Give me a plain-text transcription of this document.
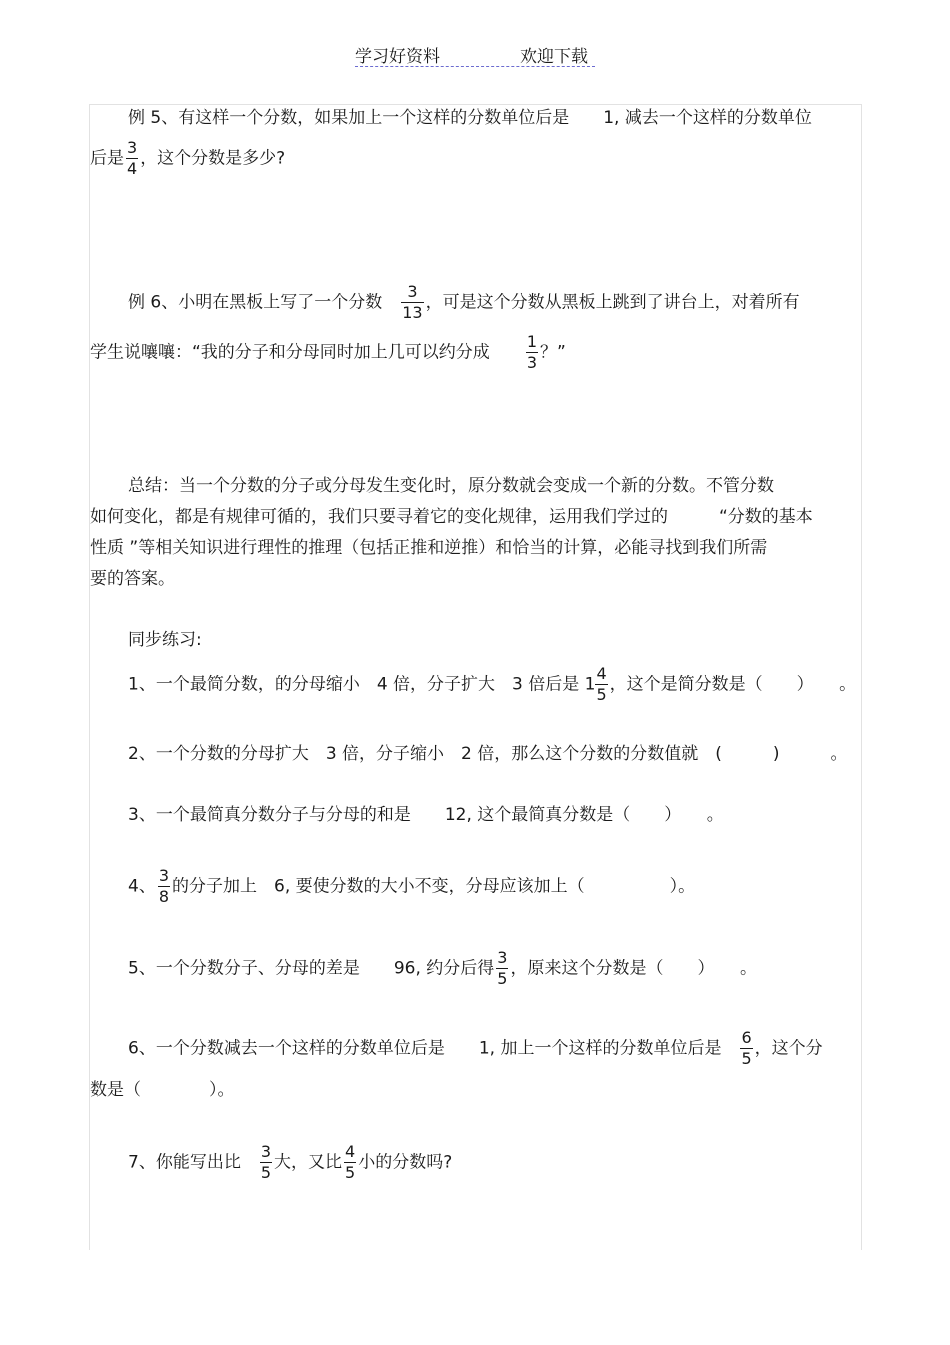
学习好资料	欢迎下载
例 5、有这样一个分数，如果加上一个这样的分数单位后是　　1, 减去一个这样的分数单位
后是 $\frac{3}{4}$ ，这个分数是多少?
例 6、小明在黑板上写了一个分数　 $\frac{3}{13}$ ，可是这个分数从黑板上跳到了讲台上，对着所有
学生说嚷嚷：“我的分子和分母同时加上几可以约分成　　 $\frac{1}{3}$ ？”
总结：当一个分数的分子或分母发生变化时，原分数就会变成一个新的分数。不管分数
如何变化，都是有规律可循的，我们只要寻着它的变化规律，运用我们学过的　　　“分数的基本
性质 ”等相关知识进行理性的推理（包括正推和逆推）和恰当的计算，必能寻找到我们所需
要的答案。
同步练习:
1、一个最简分数，的分母缩小　4 倍，分子扩大　3 倍后是 $1 \frac{4}{5}$ ，这个是简分数是（　　）　　。
2、一个分数的分母扩大　3 倍，分子缩小　2 倍，那么这个分数的分数值就　(　　　)　　　。
3、一个最简真分数分子与分母的和是　　12, 这个最简真分数是（　　）　　。
4、 $\frac{3}{8}$ 的分子加上　6, 要使分数的大小不变，分母应该加上（　　　　　）。
5、一个分数分子、分母的差是　　96, 约分后得 $\frac{3}{5}$ ，原来这个分数是（　　）　　。
6、一个分数减去一个这样的分数单位后是　　1, 加上一个这样的分数单位后是　 $\frac{6}{5}$ ，这个分
数是（　　　　）。
7、你能写出比　 $\frac{3}{5}$ 大，又比 $\frac{4}{5}$ 小的分数吗?
